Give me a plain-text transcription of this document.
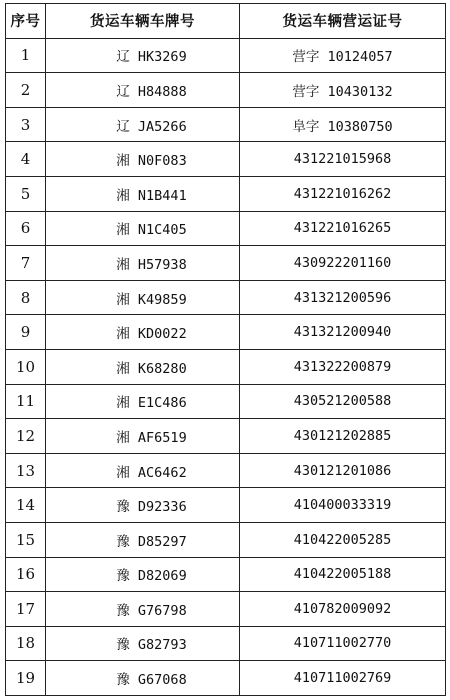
序号	货运车辆车牌号	货运车辆营运证号
1	辽 HK3269	营字 10124057
2	辽 H84888	营字 10430132
3	辽 JA5266	阜字 10380750
4	湘 N0F083	431221015968
5	湘 N1B441	431221016262
6	湘 N1C405	431221016265
7	湘 H57938	430922201160
8	湘 K49859	431321200596
9	湘 KD0022	431321200940
10	湘 K68280	431322200879
11	湘 E1C486	430521200588
12	湘 AF6519	430121202885
13	湘 AC6462	430121201086
14	豫 D92336	410400033319
15	豫 D85297	410422005285
16	豫 D82069	410422005188
17	豫 G76798	410782009092
18	豫 G82793	410711002770
19	豫 G67068	410711002769
